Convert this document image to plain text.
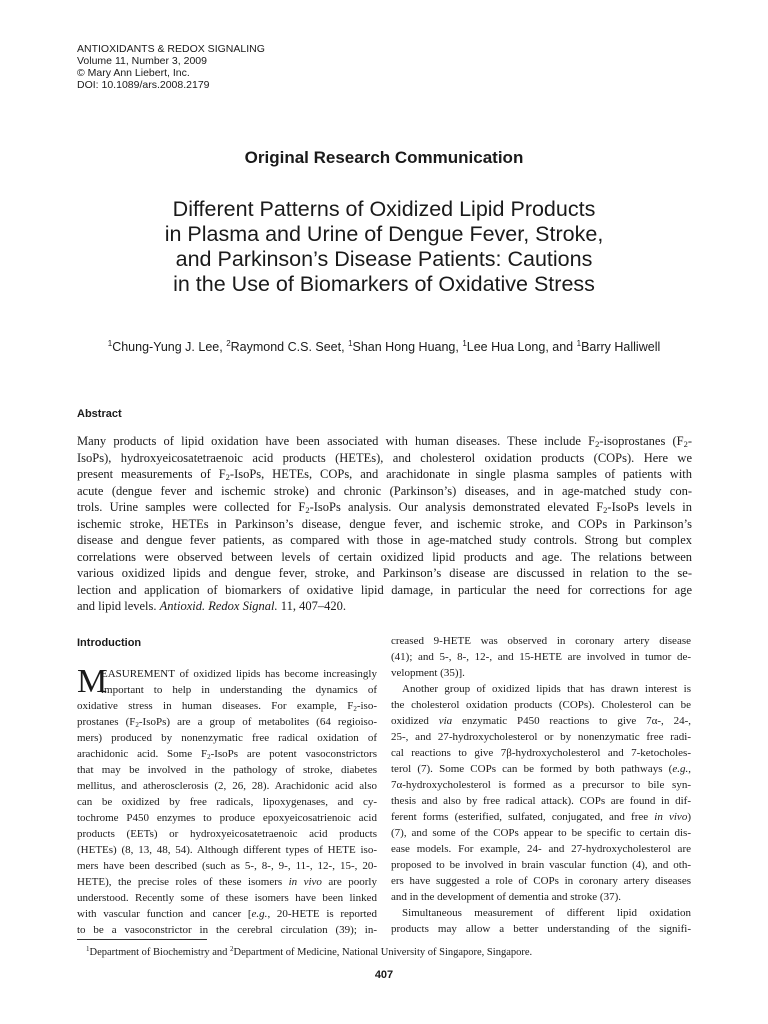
ANTIOXIDANTS & REDOX SIGNALING
Volume 11, Number 3, 2009
© Mary Ann Liebert, Inc.
DOI: 10.1089/ars.2008.2179
Original Research Communication
Different Patterns of Oxidized Lipid Products
in Plasma and Urine of Dengue Fever, Stroke,
and Parkinson’s Disease Patients: Cautions
in the Use of Biomarkers of Oxidative Stress
$^1$Chung-Yung J. Lee, $^2$Raymond C.S. Seet, $^1$Shan Hong Huang, $^1$Lee Hua Long, and $^1$Barry Halliwell
Abstract
Many products of lipid oxidation have been associated with human diseases. These include $F_2$-isoprostanes ($F_2-$
IsoPs), hydroxyeicosatetraenoic acid products (HETEs), and cholesterol oxidation products (COPs). Here we
present measurements of $F_2$-IsoPs, HETEs, COPs, and arachidonate in single plasma samples of patients with
acute (dengue fever and ischemic stroke) and chronic (Parkinson’s) diseases, and in age-matched study con-
trols. Urine samples were collected for $F_2$-IsoPs analysis. Our analysis demonstrated elevated $F_2$-IsoPs levels in
ischemic stroke, HETEs in Parkinson’s disease, dengue fever, and ischemic stroke, and COPs in Parkinson’s
disease and dengue fever patients, as compared with those in age-matched study controls. Strong but complex
correlations were observed between levels of certain oxidized lipid products and age. The relations between
various oxidized lipids and dengue fever, stroke, and Parkinson’s disease are discussed in relation to the se-
lection and application of biomarkers of oxidative lipid damage, in particular the need for corrections for age
and lipid levels. Antioxid. Redox Signal. 11, 407–420.
Introduction
M
EASUREMENT of oxidized lipids has become increasingly
important to help in understanding the dynamics of
oxidative stress in human diseases. For example, $F_2-iso-$
prostanes $(F_2-IsoPs)$ are a group of metabolites (64 regioiso-
mers) produced by nonenzymatic free radical oxidation of
arachidonic acid. Some $F_2$-IsoPs are potent vasoconstrictors
that may be involved in the pathology of stroke, diabetes
mellitus, and atherosclerosis (2, 26, 28). Arachidonic acid also
can be oxidized by free radicals, lipoxygenases, and cy-
tochrome P450 enzymes to produce epoxyeicosatrienoic acid
products (EETs) or hydroxyeicosatetraenoic acid products
(HETEs) (8, 13, 48, 54). Although different types of HETE iso-
mers have been described (such as 5-, 8-, 9-, 11-, 12-, 15-, 20-
HETE), the precise roles of these isomers in vivo are poorly
understood. Recently some of these isomers have been linked
with vascular function and cancer [e.g., 20-HETE is reported
to be a vasoconstrictor in the cerebral circulation (39); in-
creased 9-HETE was observed in coronary artery disease
(41); and 5-, 8-, 12-, and 15-HETE are involved in tumor de-
velopment (35)].
Another group of oxidized lipids that has drawn interest is
the cholesterol oxidation products (COPs). Cholesterol can be
oxidized via enzymatic P450 reactions to give 7α-, 24-,
25-, and 27-hydroxycholesterol or by nonenzymatic free radi-
cal reactions to give 7β-hydroxycholesterol and 7-ketocholes-
terol (7). Some COPs can be formed by both pathways (e.g.,
7α-hydroxycholesterol is formed as a precursor to bile syn-
thesis and also by free radical attack). COPs are found in dif-
ferent forms (esterified, sulfated, conjugated, and free in vivo)
(7), and some of the COPs appear to be specific to certain dis-
ease models. For example, 24- and 27-hydroxycholesterol are
proposed to be involved in brain vascular function (4), and oth-
ers have suggested a role of COPs in coronary artery diseases
and in the development of dementia and stroke (37).
Simultaneous measurement of different lipid oxidation
products may allow a better understanding of the signifi-
$^1$Department of Biochemistry and $^2$Department of Medicine, National University of Singapore, Singapore.
407
